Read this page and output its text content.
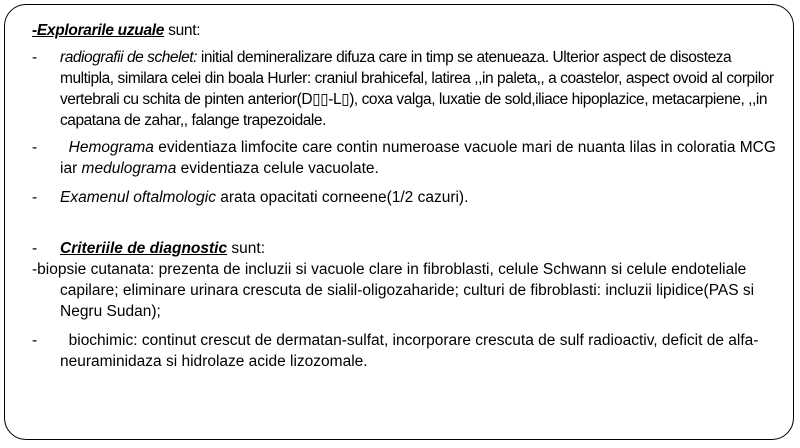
-Explorarile uzuale sunt:

- radiografii de schelet: initial demineralizare difuza care in timp se atenueaza. Ulterior aspect de disosteza multipla, similara celei din boala Hurler: craniul brahicefal, latirea ,,in paleta,, a coastelor, aspect ovoid al corpilor vertebrali cu schita de pinten anterior(D▯▯-L▯), coxa valga, luxatie de sold,iliace hipoplazice, metacarpiene, ,,in capatana de zahar,, falange trapezoidale.
- Hemograma evidentiaza limfocite care contin numeroase vacuole mari de nuanta lilas in coloratia MCG iar medulograma evidentiaza celule vacuolate.
- Examenul oftalmologic arata opacitati corneene(1/2 cazuri).
- Criteriile de diagnostic sunt:

-biopsie cutanata: prezenta de incluzii si vacuole clare in fibroblasti, celule Schwann si celule endoteliale capilare; eliminare urinara crescuta de sialil-oligozaharide; culturi de fibroblasti: incluzii lipidice(PAS si Negru Sudan);

- biochimic: continut crescut de dermatan-sulfat, incorporare crescuta de sulf radioactiv, deficit de alfa-neuraminidaza si hidrolaze acide lizozomale.
